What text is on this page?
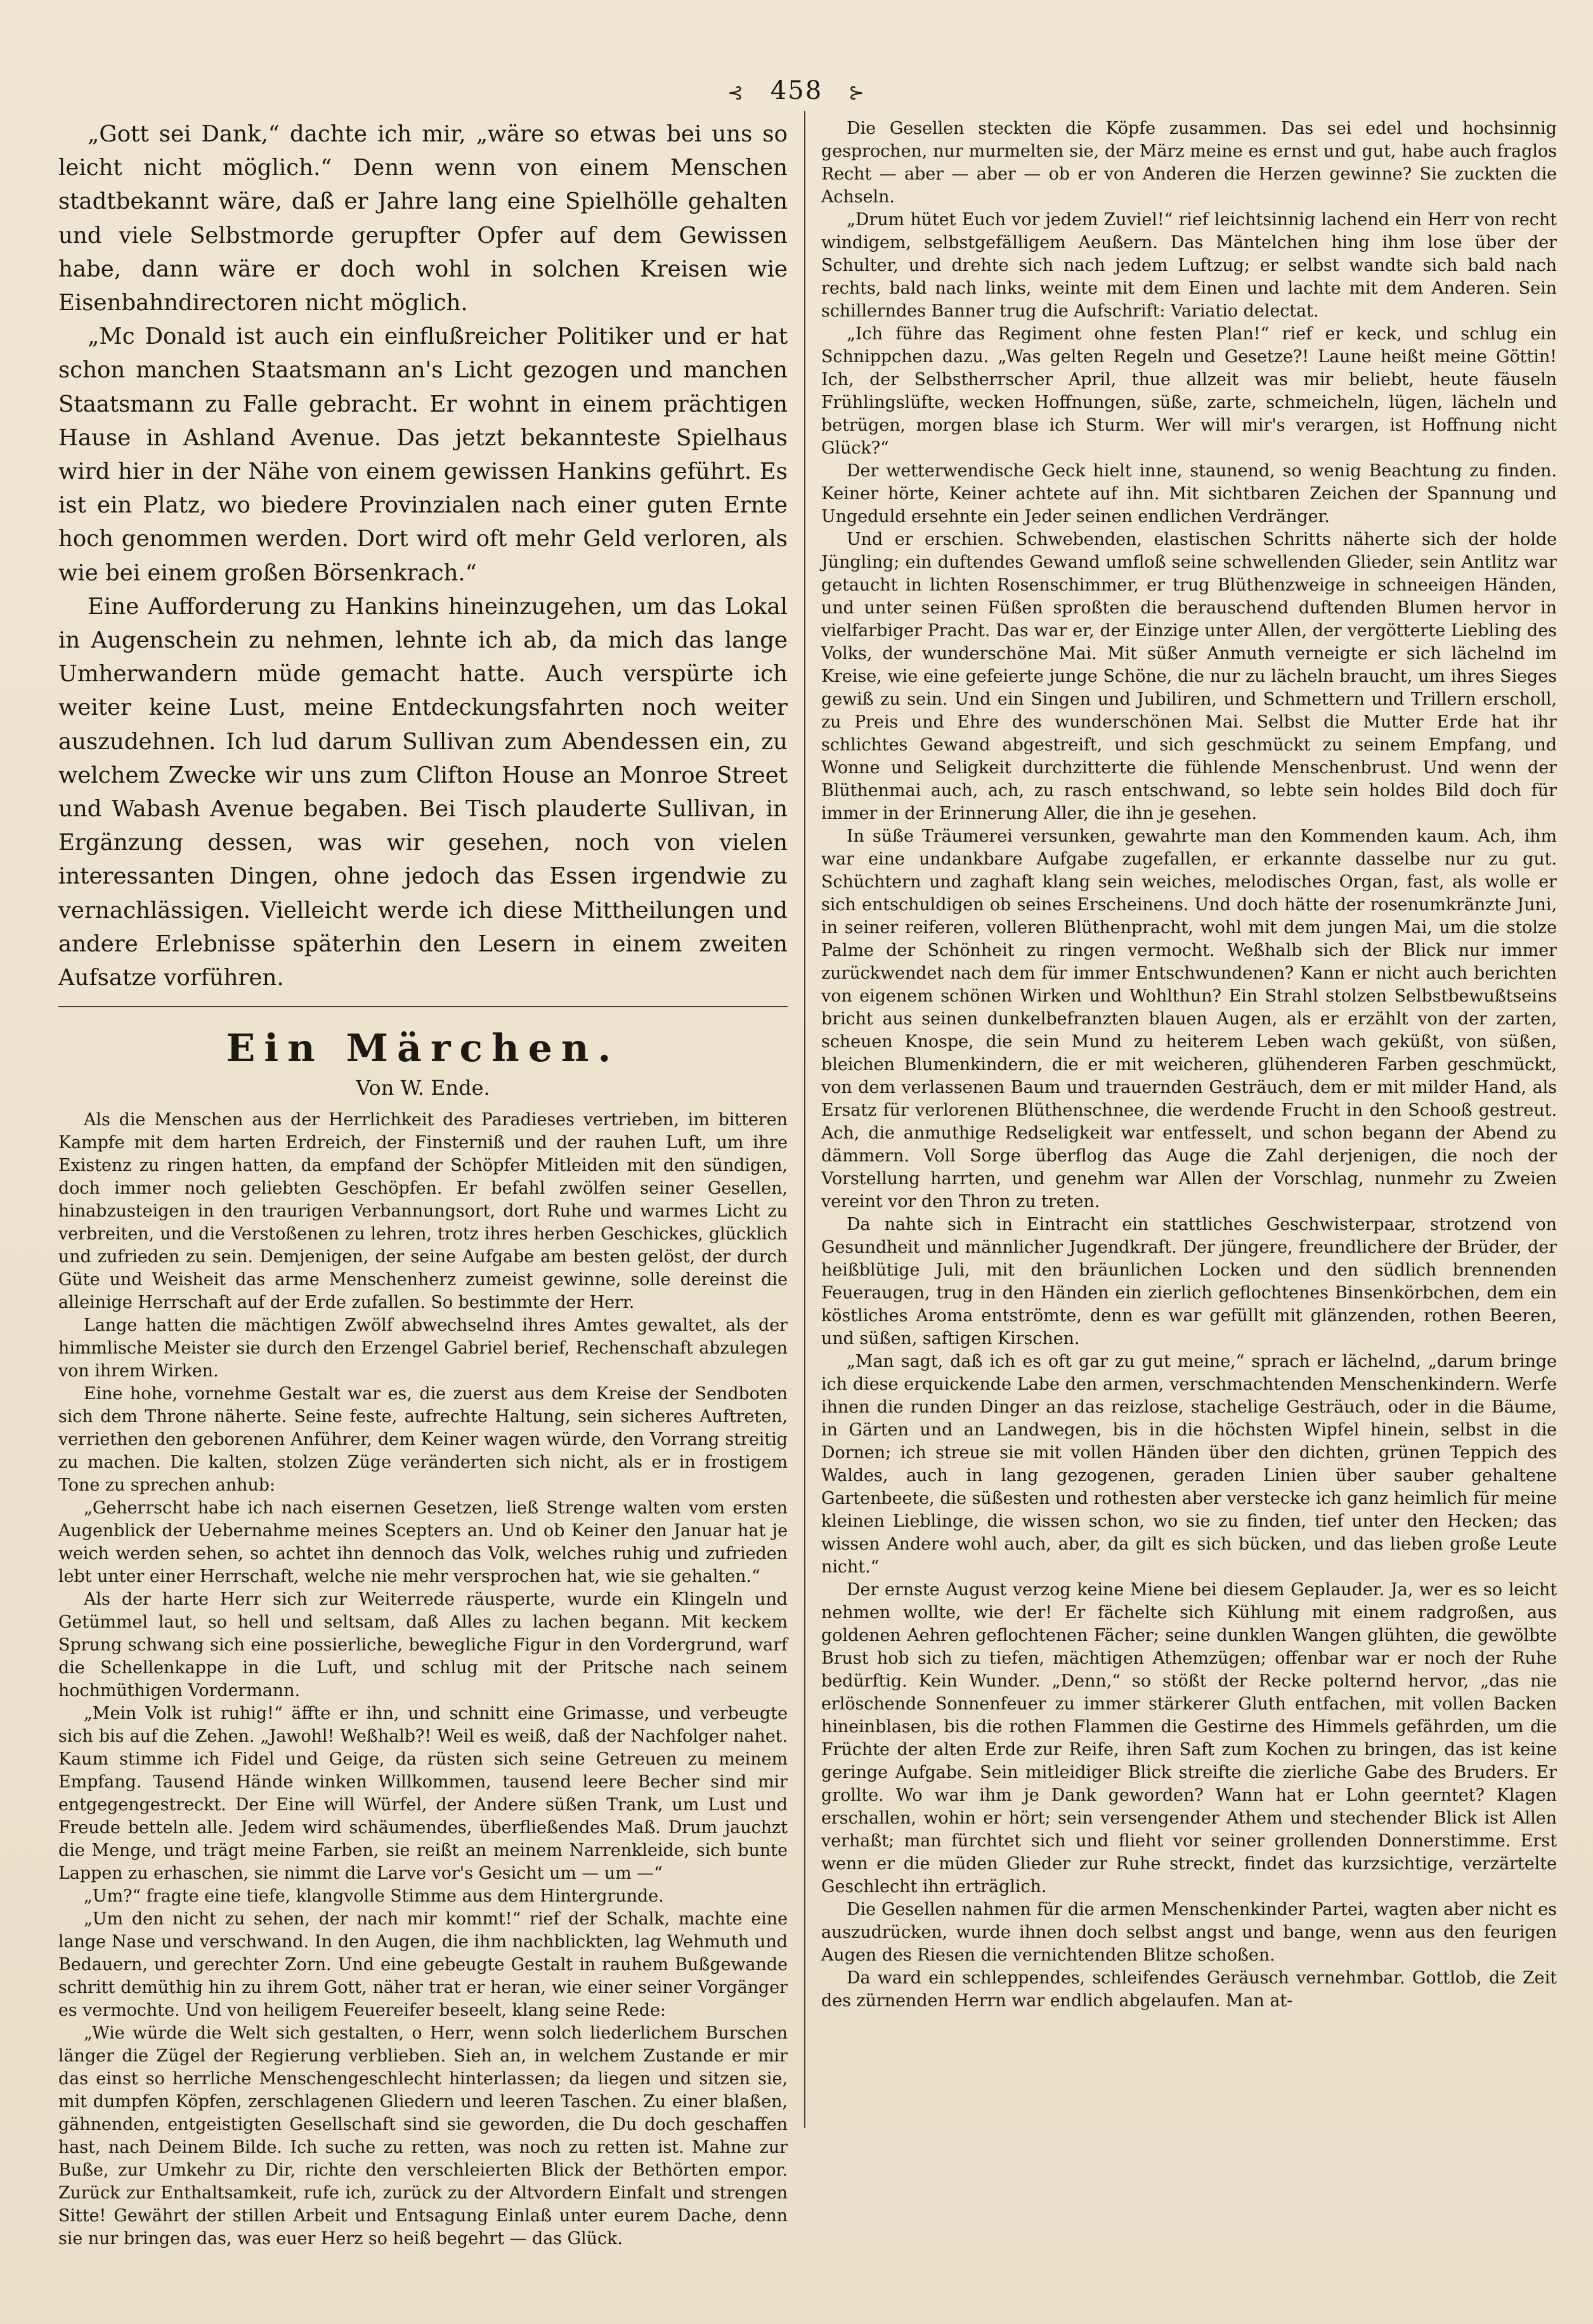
⊰ 458 ⊱

„Gott sei Dank,“ dachte ich mir, „wäre so etwas bei uns so leicht nicht möglich.“ Denn wenn von einem Menschen stadtbekannt wäre, daß er Jahre lang eine Spielhölle gehalten und viele Selbstmorde gerupfter Opfer auf dem Gewissen habe, dann wäre er doch wohl in solchen Kreisen wie Eisenbahndirectoren nicht möglich.

„Mc Donald ist auch ein einflußreicher Politiker und er hat schon manchen Staatsmann an's Licht gezogen und manchen Staatsmann zu Falle gebracht. Er wohnt in einem prächtigen Hause in Ashland Avenue. Das jetzt bekannteste Spielhaus wird hier in der Nähe von einem gewissen Hankins geführt. Es ist ein Platz, wo biedere Provinzialen nach einer guten Ernte hoch genommen werden. Dort wird oft mehr Geld verloren, als wie bei einem großen Börsenkrach.“

Eine Aufforderung zu Hankins hineinzugehen, um das Lokal in Augenschein zu nehmen, lehnte ich ab, da mich das lange Umherwandern müde gemacht hatte. Auch verspürte ich weiter keine Lust, meine Entdeckungsfahrten noch weiter auszudehnen. Ich lud darum Sullivan zum Abendessen ein, zu welchem Zwecke wir uns zum Clifton House an Monroe Street und Wabash Avenue begaben. Bei Tisch plauderte Sullivan, in Ergänzung dessen, was wir gesehen, noch von vielen interessanten Dingen, ohne jedoch das Essen irgendwie zu vernachlässigen. Vielleicht werde ich diese Mittheilungen und andere Erlebnisse späterhin den Lesern in einem zweiten Aufsatze vorführen.

Ein Märchen.
Von W. Ende.

Als die Menschen aus der Herrlichkeit des Paradieses vertrieben, im bitteren Kampfe mit dem harten Erdreich, der Finsterniß und der rauhen Luft, um ihre Existenz zu ringen hatten, da empfand der Schöpfer Mitleiden mit den sündigen, doch immer noch geliebten Geschöpfen. Er befahl zwölfen seiner Gesellen, hinabzusteigen in den traurigen Verbannungsort, dort Ruhe und warmes Licht zu verbreiten, und die Verstoßenen zu lehren, trotz ihres herben Geschickes, glücklich und zufrieden zu sein. Demjenigen, der seine Aufgabe am besten gelöst, der durch Güte und Weisheit das arme Menschenherz zumeist gewinne, solle dereinst die alleinige Herrschaft auf der Erde zufallen. So bestimmte der Herr.

Lange hatten die mächtigen Zwölf abwechselnd ihres Amtes gewaltet, als der himmlische Meister sie durch den Erzengel Gabriel berief, Rechenschaft abzulegen von ihrem Wirken.

Eine hohe, vornehme Gestalt war es, die zuerst aus dem Kreise der Sendboten sich dem Throne näherte. Seine feste, aufrechte Haltung, sein sicheres Auftreten, verriethen den geborenen Anführer, dem Keiner wagen würde, den Vorrang streitig zu machen. Die kalten, stolzen Züge veränderten sich nicht, als er in frostigem Tone zu sprechen anhub:

„Geherrscht habe ich nach eisernen Gesetzen, ließ Strenge walten vom ersten Augenblick der Uebernahme meines Scepters an. Und ob Keiner den Januar hat je weich werden sehen, so achtet ihn dennoch das Volk, welches ruhig und zufrieden lebt unter einer Herrschaft, welche nie mehr versprochen hat, wie sie gehalten.“

Als der harte Herr sich zur Weiterrede räusperte, wurde ein Klingeln und Getümmel laut, so hell und seltsam, daß Alles zu lachen begann. Mit keckem Sprung schwang sich eine possierliche, bewegliche Figur in den Vordergrund, warf die Schellenkappe in die Luft, und schlug mit der Pritsche nach seinem hochmüthigen Vordermann.

„Mein Volk ist ruhig!“ äffte er ihn, und schnitt eine Grimasse, und verbeugte sich bis auf die Zehen. „Jawohl! Weßhalb?! Weil es weiß, daß der Nachfolger nahet. Kaum stimme ich Fidel und Geige, da rüsten sich seine Getreuen zu meinem Empfang. Tausend Hände winken Willkommen, tausend leere Becher sind mir entgegengestreckt. Der Eine will Würfel, der Andere süßen Trank, um Lust und Freude betteln alle. Jedem wird schäumendes, überfließendes Maß. Drum jauchzt die Menge, und trägt meine Farben, sie reißt an meinem Narrenkleide, sich bunte Lappen zu erhaschen, sie nimmt die Larve vor's Gesicht um — um —“

„Um?“ fragte eine tiefe, klangvolle Stimme aus dem Hintergrunde.

„Um den nicht zu sehen, der nach mir kommt!“ rief der Schalk, machte eine lange Nase und verschwand. In den Augen, die ihm nachblickten, lag Wehmuth und Bedauern, und gerechter Zorn. Und eine gebeugte Gestalt in rauhem Bußgewande schritt demüthig hin zu ihrem Gott, näher trat er heran, wie einer seiner Vorgänger es vermochte. Und von heiligem Feuereifer beseelt, klang seine Rede:

„Wie würde die Welt sich gestalten, o Herr, wenn solch liederlichem Burschen länger die Zügel der Regierung verblieben. Sieh an, in welchem Zustande er mir das einst so herrliche Menschengeschlecht hinterlassen; da liegen und sitzen sie, mit dumpfen Köpfen, zerschlagenen Gliedern und leeren Taschen. Zu einer blaßen, gähnenden, entgeistigten Gesellschaft sind sie geworden, die Du doch geschaffen hast, nach Deinem Bilde. Ich suche zu retten, was noch zu retten ist. Mahne zur Buße, zur Umkehr zu Dir, richte den verschleierten Blick der Bethörten empor. Zurück zur Enthaltsamkeit, rufe ich, zurück zu der Altvordern Einfalt und strengen Sitte! Gewährt der stillen Arbeit und Entsagung Einlaß unter eurem Dache, denn sie nur bringen das, was euer Herz so heiß begehrt — das Glück.

Die Gesellen steckten die Köpfe zusammen. Das sei edel und hochsinnig gesprochen, nur murmelten sie, der März meine es ernst und gut, habe auch fraglos Recht — aber — aber — ob er von Anderen die Herzen gewinne? Sie zuckten die Achseln.

„Drum hütet Euch vor jedem Zuviel!“ rief leichtsinnig lachend ein Herr von recht windigem, selbstgefälligem Aeußern. Das Mäntelchen hing ihm lose über der Schulter, und drehte sich nach jedem Luftzug; er selbst wandte sich bald nach rechts, bald nach links, weinte mit dem Einen und lachte mit dem Anderen. Sein schillerndes Banner trug die Aufschrift: Variatio delectat.

„Ich führe das Regiment ohne festen Plan!“ rief er keck, und schlug ein Schnippchen dazu. „Was gelten Regeln und Gesetze?! Laune heißt meine Göttin! Ich, der Selbstherrscher April, thue allzeit was mir beliebt, heute fäuseln Frühlingslüfte, wecken Hoffnungen, süße, zarte, schmeicheln, lügen, lächeln und betrügen, morgen blase ich Sturm. Wer will mir's verargen, ist Hoffnung nicht Glück?“

Der wetterwendische Geck hielt inne, staunend, so wenig Beachtung zu finden. Keiner hörte, Keiner achtete auf ihn. Mit sichtbaren Zeichen der Spannung und Ungeduld ersehnte ein Jeder seinen endlichen Verdränger.

Und er erschien. Schwebenden, elastischen Schritts näherte sich der holde Jüngling; ein duftendes Gewand umfloß seine schwellenden Glieder, sein Antlitz war getaucht in lichten Rosenschimmer, er trug Blüthenzweige in schneeigen Händen, und unter seinen Füßen sproßten die berauschend duftenden Blumen hervor in vielfarbiger Pracht. Das war er, der Einzige unter Allen, der vergötterte Liebling des Volks, der wunderschöne Mai. Mit süßer Anmuth verneigte er sich lächelnd im Kreise, wie eine gefeierte junge Schöne, die nur zu lächeln braucht, um ihres Sieges gewiß zu sein. Und ein Singen und Jubiliren, und Schmettern und Trillern erscholl, zu Preis und Ehre des wunderschönen Mai. Selbst die Mutter Erde hat ihr schlichtes Gewand abgestreift, und sich geschmückt zu seinem Empfang, und Wonne und Seligkeit durchzitterte die fühlende Menschenbrust. Und wenn der Blüthenmai auch, ach, zu rasch entschwand, so lebte sein holdes Bild doch für immer in der Erinnerung Aller, die ihn je gesehen.

In süße Träumerei versunken, gewahrte man den Kommenden kaum. Ach, ihm war eine undankbare Aufgabe zugefallen, er erkannte dasselbe nur zu gut. Schüchtern und zaghaft klang sein weiches, melodisches Organ, fast, als wolle er sich entschuldigen ob seines Erscheinens. Und doch hätte der rosenumkränzte Juni, in seiner reiferen, volleren Blüthenpracht, wohl mit dem jungen Mai, um die stolze Palme der Schönheit zu ringen vermocht. Weßhalb sich der Blick nur immer zurückwendet nach dem für immer Entschwundenen? Kann er nicht auch berichten von eigenem schönen Wirken und Wohlthun? Ein Strahl stolzen Selbstbewußtseins bricht aus seinen dunkelbefranzten blauen Augen, als er erzählt von der zarten, scheuen Knospe, die sein Mund zu heiterem Leben wach geküßt, von süßen, bleichen Blumenkindern, die er mit weicheren, glühenderen Farben geschmückt, von dem verlassenen Baum und trauernden Gesträuch, dem er mit milder Hand, als Ersatz für verlorenen Blüthenschnee, die werdende Frucht in den Schooß gestreut. Ach, die anmuthige Redseligkeit war entfesselt, und schon begann der Abend zu dämmern. Voll Sorge überflog das Auge die Zahl derjenigen, die noch der Vorstellung harrten, und genehm war Allen der Vorschlag, nunmehr zu Zweien vereint vor den Thron zu treten.

Da nahte sich in Eintracht ein stattliches Geschwisterpaar, strotzend von Gesundheit und männlicher Jugendkraft. Der jüngere, freundlichere der Brüder, der heißblütige Juli, mit den bräunlichen Locken und den südlich brennenden Feueraugen, trug in den Händen ein zierlich geflochtenes Binsenkörbchen, dem ein köstliches Aroma entströmte, denn es war gefüllt mit glänzenden, rothen Beeren, und süßen, saftigen Kirschen.

„Man sagt, daß ich es oft gar zu gut meine,“ sprach er lächelnd, „darum bringe ich diese erquickende Labe den armen, verschmachtenden Menschenkindern. Werfe ihnen die runden Dinger an das reizlose, stachelige Gesträuch, oder in die Bäume, in Gärten und an Landwegen, bis in die höchsten Wipfel hinein, selbst in die Dornen; ich streue sie mit vollen Händen über den dichten, grünen Teppich des Waldes, auch in lang gezogenen, geraden Linien über sauber gehaltene Gartenbeete, die süßesten und rothesten aber verstecke ich ganz heimlich für meine kleinen Lieblinge, die wissen schon, wo sie zu finden, tief unter den Hecken; das wissen Andere wohl auch, aber, da gilt es sich bücken, und das lieben große Leute nicht.“

Der ernste August verzog keine Miene bei diesem Geplauder. Ja, wer es so leicht nehmen wollte, wie der! Er fächelte sich Kühlung mit einem radgroßen, aus goldenen Aehren geflochtenen Fächer; seine dunklen Wangen glühten, die gewölbte Brust hob sich zu tiefen, mächtigen Athemzügen; offenbar war er noch der Ruhe bedürftig. Kein Wunder. „Denn,“ so stößt der Recke polternd hervor, „das nie erlöschende Sonnenfeuer zu immer stärkerer Gluth entfachen, mit vollen Backen hineinblasen, bis die rothen Flammen die Gestirne des Himmels gefährden, um die Früchte der alten Erde zur Reife, ihren Saft zum Kochen zu bringen, das ist keine geringe Aufgabe. Sein mitleidiger Blick streifte die zierliche Gabe des Bruders. Er grollte. Wo war ihm je Dank geworden? Wann hat er Lohn geerntet? Klagen erschallen, wohin er hört; sein versengender Athem und stechender Blick ist Allen verhaßt; man fürchtet sich und flieht vor seiner grollenden Donnerstimme. Erst wenn er die müden Glieder zur Ruhe streckt, findet das kurzsichtige, verzärtelte Geschlecht ihn erträglich.

Die Gesellen nahmen für die armen Menschenkinder Partei, wagten aber nicht es auszudrücken, wurde ihnen doch selbst angst und bange, wenn aus den feurigen Augen des Riesen die vernichtenden Blitze schoßen.

Da ward ein schleppendes, schleifendes Geräusch vernehmbar. Gottlob, die Zeit des zürnenden Herrn war endlich abgelaufen. Man at-
